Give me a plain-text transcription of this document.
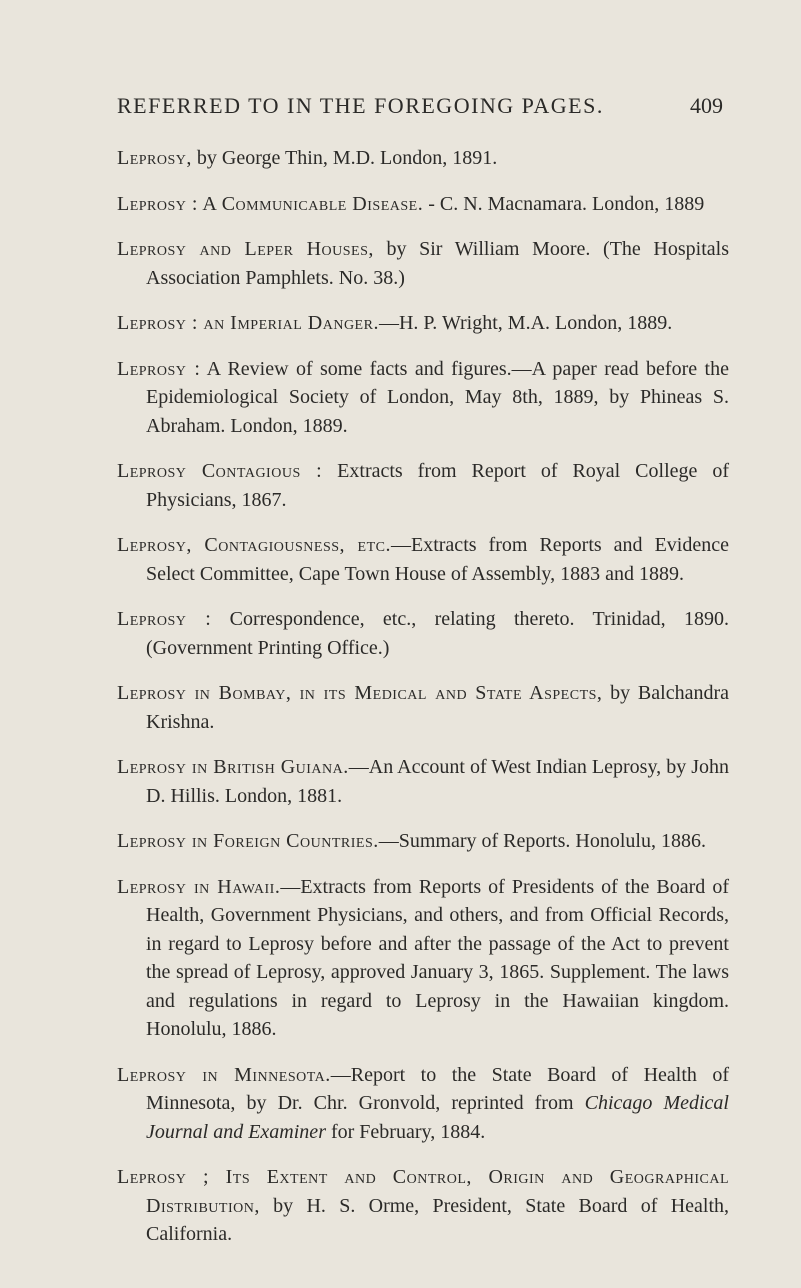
REFERRED TO IN THE FOREGOING PAGES.	409

Leprosy, by George Thin, M.D. London, 1891.

Leprosy : A Communicable Disease. - C. N. Macnamara. London, 1889

Leprosy and Leper Houses, by Sir William Moore. (The Hospitals Association Pamphlets. No. 38.)

Leprosy : an Imperial Danger.—H. P. Wright, M.A. London, 1889.

Leprosy : A Review of some facts and figures.—A paper read before the Epidemiological Society of London, May 8th, 1889, by Phineas S. Abraham. London, 1889.

Leprosy Contagious : Extracts from Report of Royal College of Physicians, 1867.

Leprosy, Contagiousness, etc.—Extracts from Reports and Evidence Select Committee, Cape Town House of Assembly, 1883 and 1889.

Leprosy : Correspondence, etc., relating thereto. Trinidad, 1890. (Government Printing Office.)

Leprosy in Bombay, in its Medical and State Aspects, by Balchandra Krishna.

Leprosy in British Guiana.—An Account of West Indian Leprosy, by John D. Hillis. London, 1881.

Leprosy in Foreign Countries.—Summary of Reports. Honolulu, 1886.

Leprosy in Hawaii.—Extracts from Reports of Presidents of the Board of Health, Government Physicians, and others, and from Official Records, in regard to Leprosy before and after the passage of the Act to prevent the spread of Leprosy, approved January 3, 1865. Supplement. The laws and regulations in regard to Leprosy in the Hawaiian kingdom. Honolulu, 1886.

Leprosy in Minnesota.—Report to the State Board of Health of Minnesota, by Dr. Chr. Gronvold, reprinted from Chicago Medical Journal and Examiner for February, 1884.

Leprosy ; Its Extent and Control, Origin and Geographical Distribution, by H. S. Orme, President, State Board of Health, California.
